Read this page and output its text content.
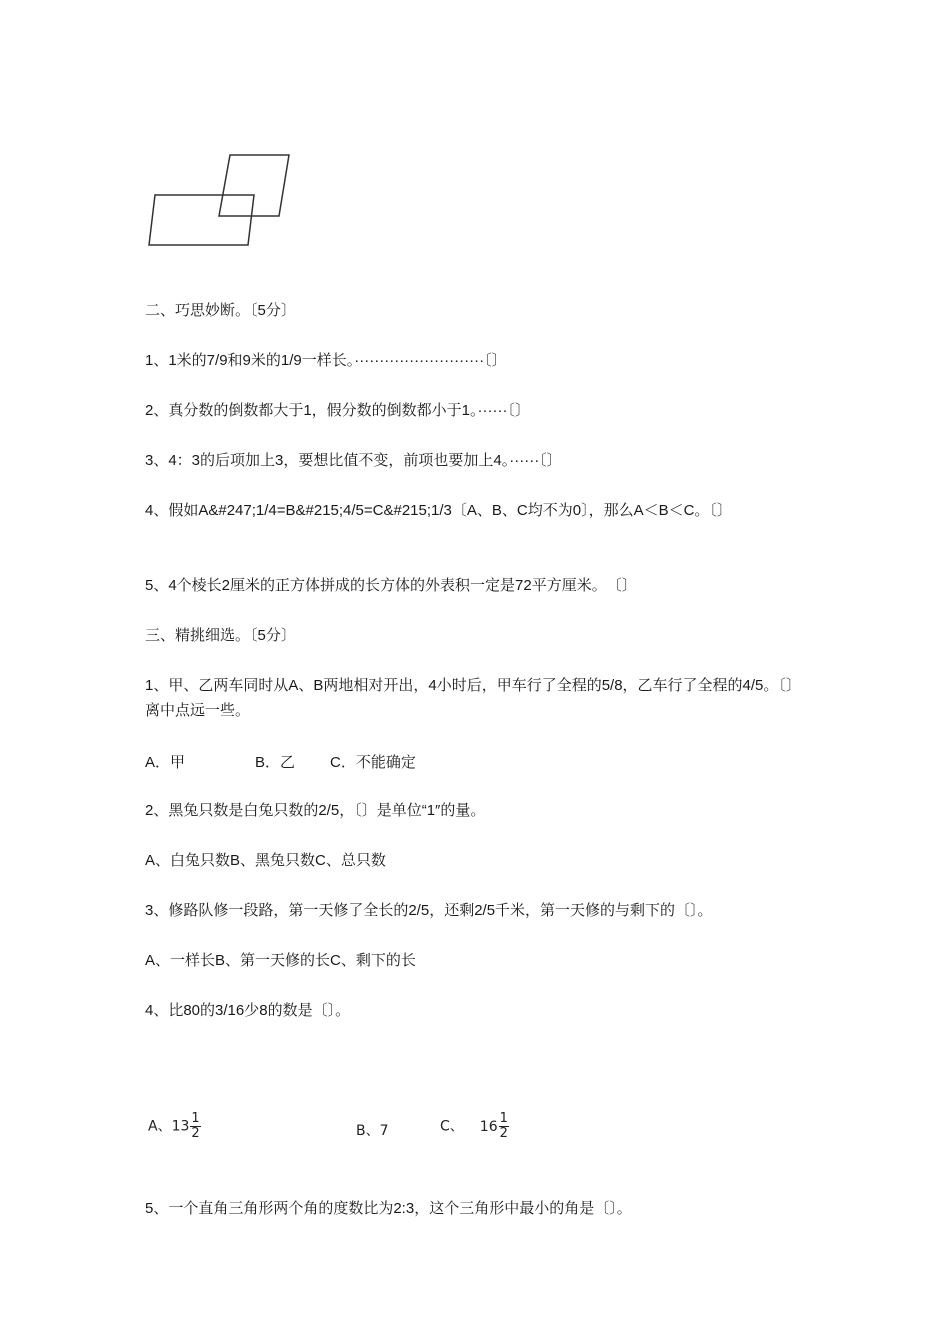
二、巧思妙断。〔5分〕
1、1米的7/9和9米的1/9一样长。··························〔〕
2、真分数的倒数都大于1，假分数的倒数都小于1。······〔〕
3、4：3的后项加上3，要想比值不变，前项也要加上4。······〔〕
4、假如A&#247;1/4=B&#215;4/5=C&#215;1/3〔A、B、C均不为0〕，那么A＜B＜C。〔〕
5、4个棱长2厘米的正方体拼成的长方体的外表积一定是72平方厘米。　〔〕
三、精挑细选。〔5分〕
1、甲、乙两车同时从A、B两地相对开出，4小时后，甲车行了全程的5/8，乙车行了全程的4/5。〔〕离中点远一些。
A．甲	B．乙 C．不能确定
2、黑兔只数是白兔只数的2/5，〔〕是单位“1″的量。
A、白兔只数B、黑兔只数C、总只数
3、修路队修一段路，第一天修了全长的2/5，还剩2/5千米，第一天修的与剩下的〔〕。
A、一样长B、第一天修的长C、剩下的长
4、比80的3/16少8的数是〔〕。
A、$13 \frac{1}{2}$	B、7	C、 $16 \frac{1}{2}$
5、一个直角三角形两个角的度数比为2:3，这个三角形中最小的角是〔〕。
